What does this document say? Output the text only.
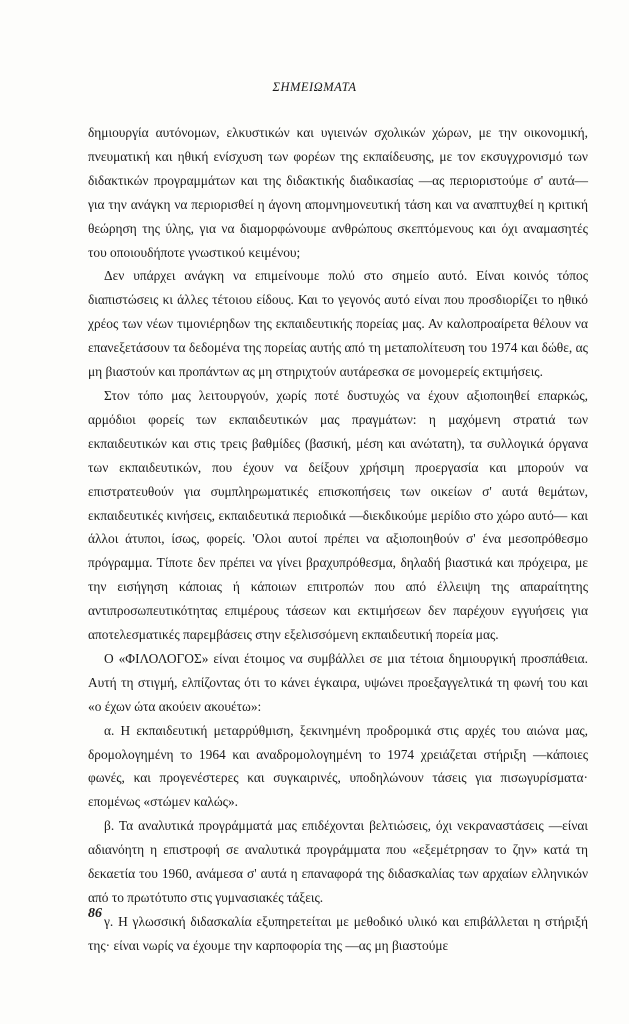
ΣΗΜΕΙΩΜΑΤΑ

δημιουργία αυτόνομων, ελκυστικών και υγιεινών σχολικών χώρων, με την οικονομική, πνευματική και ηθική ενίσχυση των φορέων της εκπαίδευσης, με τον εκσυγχρονισμό των διδακτικών προγραμμάτων και της διδακτικής διαδικασίας —ας περιοριστούμε σ' αυτά— για την ανάγκη να περιορισθεί η άγονη απομνημονευτική τάση και να αναπτυχθεί η κριτική θεώρηση της ύλης, για να διαμορφώνουμε ανθρώπους σκεπτόμενους και όχι αναμασητές του οποιουδήποτε γνωστικού κειμένου;

Δεν υπάρχει ανάγκη να επιμείνουμε πολύ στο σημείο αυτό. Είναι κοινός τόπος διαπιστώσεις κι άλλες τέτοιου είδους. Και το γεγονός αυτό είναι που προσδιορίζει το ηθικό χρέος των νέων τιμονιέρηδων της εκπαιδευτικής πορείας μας. Αν καλοπροαίρετα θέλουν να επανεξετάσουν τα δεδομένα της πορείας αυτής από τη μεταπολίτευση του 1974 και δώθε, ας μη βιαστούν και προπάντων ας μη στηριχτούν αυτάρεσκα σε μονομερείς εκτιμήσεις.

Στον τόπο μας λειτουργούν, χωρίς ποτέ δυστυχώς να έχουν αξιοποιηθεί επαρκώς, αρμόδιοι φορείς των εκπαιδευτικών μας πραγμάτων: η μαχόμενη στρατιά των εκπαιδευτικών και στις τρεις βαθμίδες (βασική, μέση και ανώτατη), τα συλλογικά όργανα των εκπαιδευτικών, που έχουν να δείξουν χρήσιμη προεργασία και μπορούν να επιστρατευθούν για συμπληρωματικές επισκοπήσεις των οικείων σ' αυτά θεμάτων, εκπαιδευτικές κινήσεις, εκπαιδευτικά περιοδικά —διεκδικούμε μερίδιο στο χώρο αυτό— και άλλοι άτυποι, ίσως, φορείς. 'Ολοι αυτοί πρέπει να αξιοποιηθούν σ' ένα μεσοπρόθεσμο πρόγραμμα. Τίποτε δεν πρέπει να γίνει βραχυπρόθεσμα, δηλαδή βιαστικά και πρόχειρα, με την εισήγηση κάποιας ή κάποιων επιτροπών που από έλλειψη της απαραίτητης αντιπροσωπευτικότητας επιμέρους τάσεων και εκτιμήσεων δεν παρέχουν εγγυήσεις για αποτελεσματικές παρεμβάσεις στην εξελισσόμενη εκπαιδευτική πορεία μας.

Ο «ΦΙΛΟΛΟΓΟΣ» είναι έτοιμος να συμβάλλει σε μια τέτοια δημιουργική προσπάθεια. Αυτή τη στιγμή, ελπίζοντας ότι το κάνει έγκαιρα, υψώνει προεξαγγελτικά τη φωνή του και «ο έχων ώτα ακούειν ακουέτω»:

α. Η εκπαιδευτική μεταρρύθμιση, ξεκινημένη προδρομικά στις αρχές του αιώνα μας, δρομολογημένη το 1964 και αναδρομολογημένη το 1974 χρειάζεται στήριξη —κάποιες φωνές, και προγενέστερες και συγκαιρινές, υποδηλώνουν τάσεις για πισωγυρίσματα· επομένως «στώμεν καλώς».

β. Τα αναλυτικά προγράμματά μας επιδέχονται βελτιώσεις, όχι νεκραναστάσεις —είναι αδιανόητη η επιστροφή σε αναλυτικά προγράμματα που «εξεμέτρησαν το ζην» κατά τη δεκαετία του 1960, ανάμεσα σ' αυτά η επαναφορά της διδασκαλίας των αρχαίων ελληνικών από το πρωτότυπο στις γυμνασιακές τάξεις.

γ. Η γλωσσική διδασκαλία εξυπηρετείται με μεθοδικό υλικό και επιβάλλεται η στήριξή της· είναι νωρίς να έχουμε την καρποφορία της —ας μη βιαστούμε

86
